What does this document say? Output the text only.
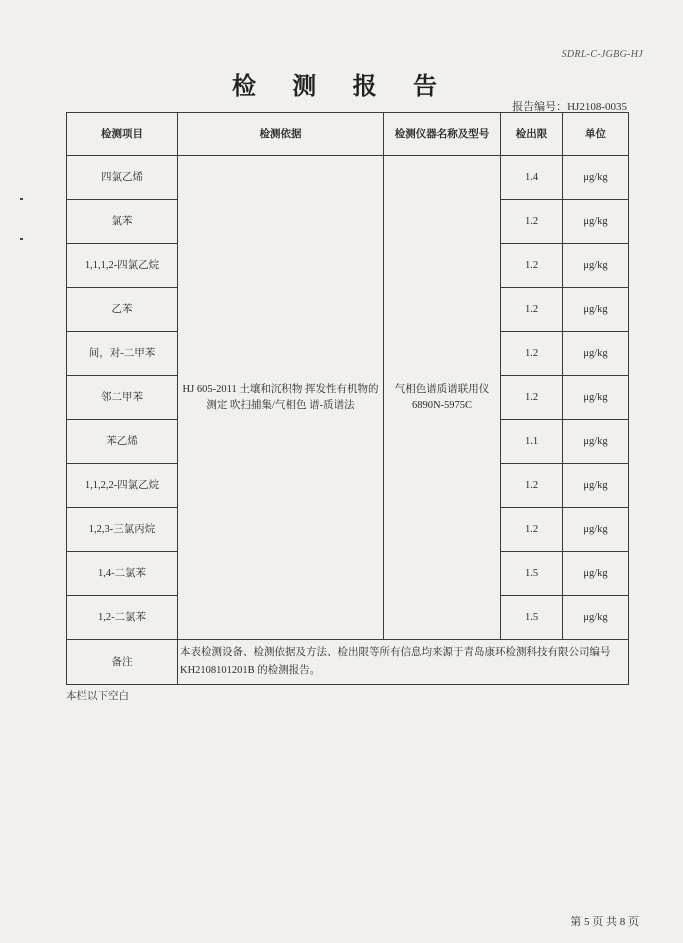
SDRL-C-JGBG-HJ
检 测 报 告
报告编号：HJ2108-0035
检测项目	检测依据	检测仪器名称及型号	检出限	单位
四氯乙烯	HJ 605-2011 土壤和沉积物 挥发性有机物的测定 吹扫捕集/气相色 谱-质谱法	气相色谱质谱联用仪 6890N-5975C	1.4	μg/kg
氯苯			1.2	μg/kg
1,1,1,2-四氯乙烷			1.2	μg/kg
乙苯			1.2	μg/kg
间，对-二甲苯			1.2	μg/kg
邻二甲苯			1.2	μg/kg
苯乙烯			1.1	μg/kg
1,1,2,2-四氯乙烷			1.2	μg/kg
1,2,3-三氯丙烷			1.2	μg/kg
1,4-二氯苯			1.5	μg/kg
1,2-二氯苯			1.5	μg/kg
备注	本表检测设备、检测依据及方法、检出限等所有信息均来源于青岛康环检测科技有限公司编号 KH2108101201B 的检测报告。			
本栏以下空白
第 5 页 共 8 页
